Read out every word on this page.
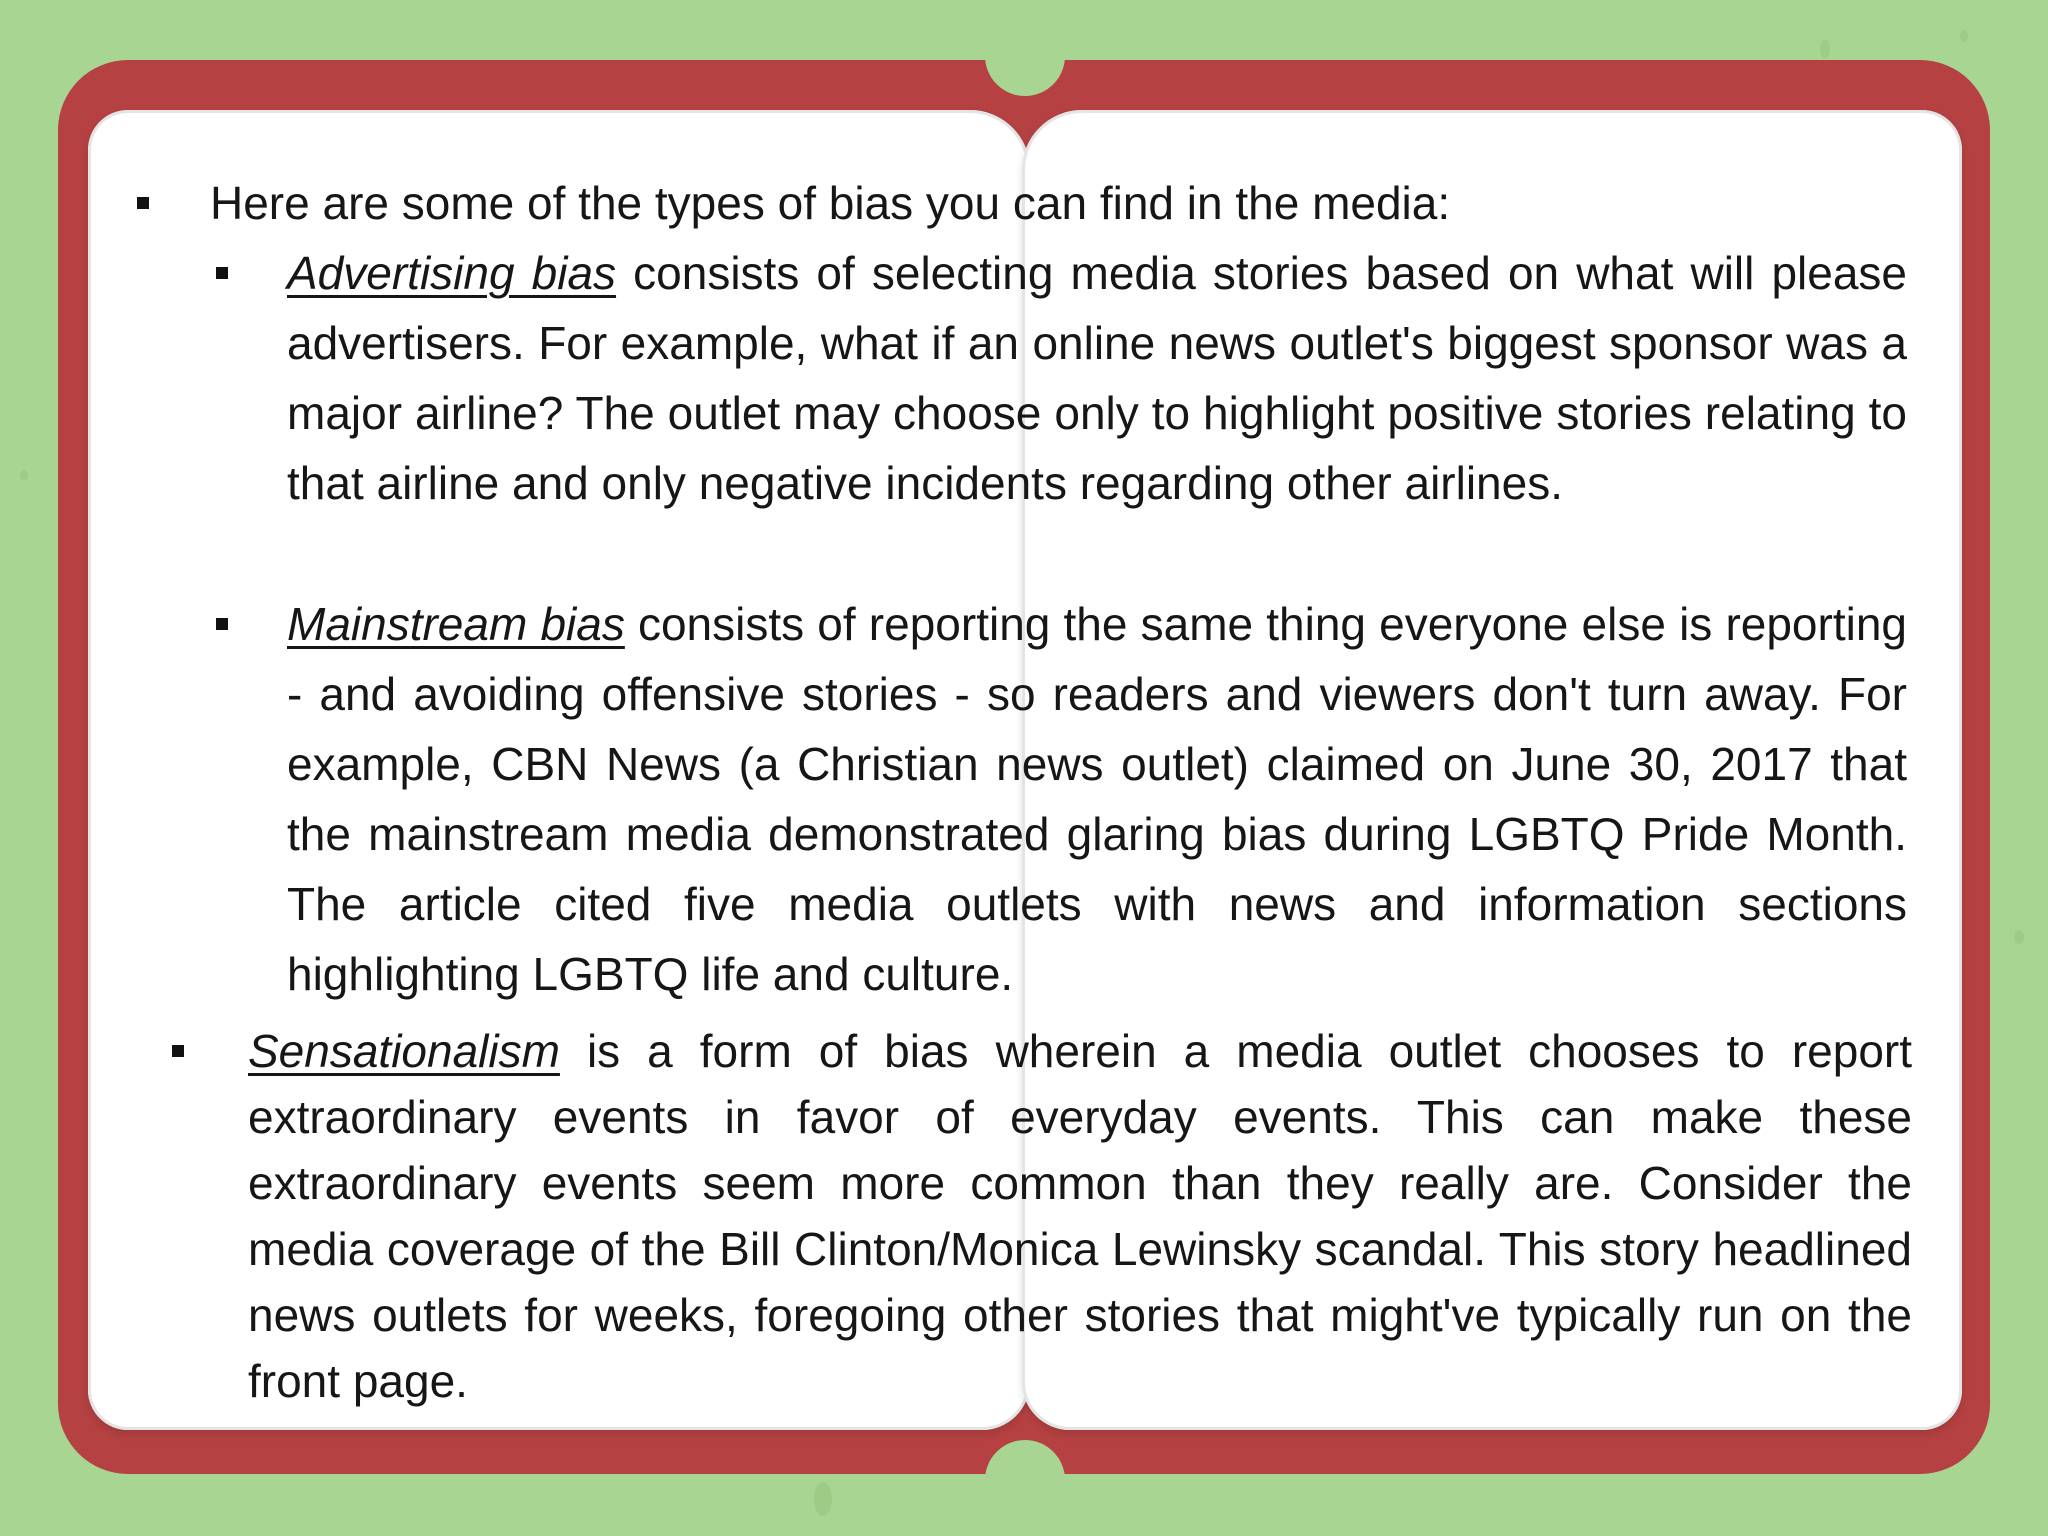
Here are some of the types of bias you can find in the media:
Advertising bias consists of selecting media stories based on what will please advertisers. For example, what if an online news outlet's biggest sponsor was a major airline? The outlet may choose only to highlight positive stories relating to that airline and only negative incidents regarding other airlines.
Mainstream bias consists of reporting the same thing everyone else is reporting - and avoiding offensive stories - so readers and viewers don't turn away. For example, CBN News (a Christian news outlet) claimed on June 30, 2017 that the mainstream media demonstrated glaring bias during LGBTQ Pride Month. The article cited five media outlets with news and information sections highlighting LGBTQ life and culture.
Sensationalism is a form of bias wherein a media outlet chooses to report extraordinary events in favor of everyday events. This can make these extraordinary events seem more common than they really are. Consider the media coverage of the Bill Clinton/Monica Lewinsky scandal. This story headlined news outlets for weeks, foregoing other stories that might've typically run on the front page.
